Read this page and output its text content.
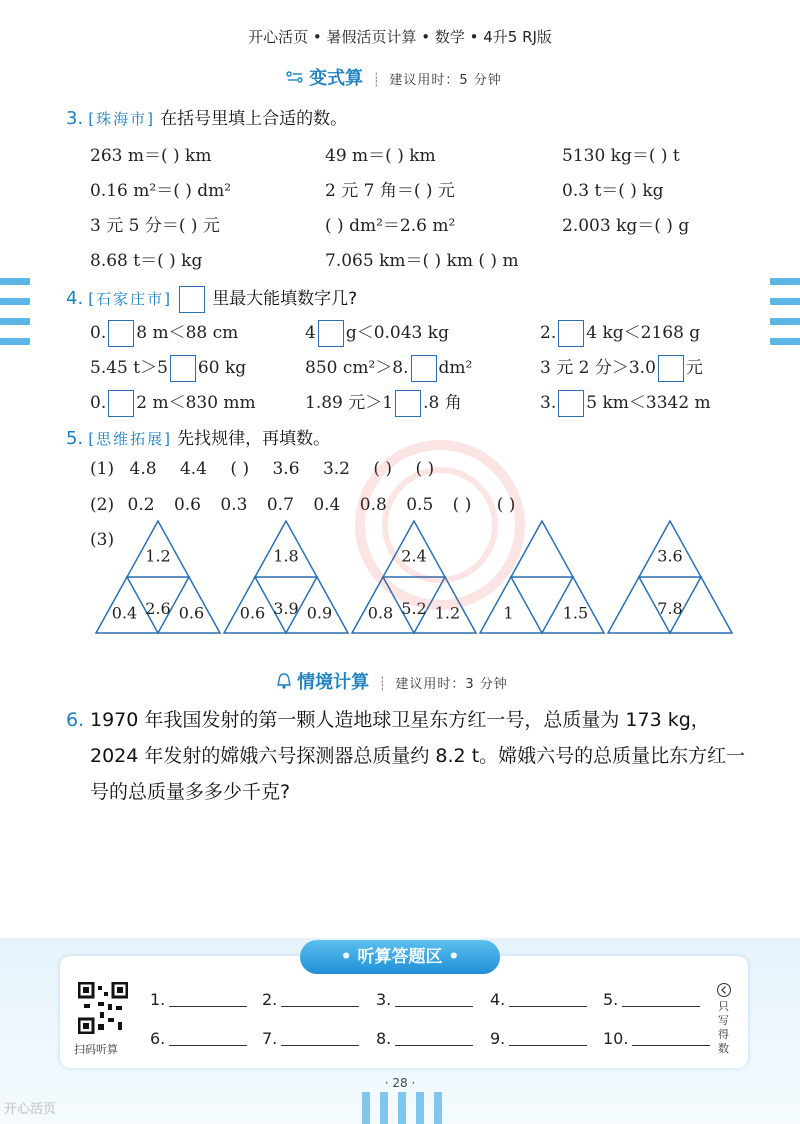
开心活页 • 暑假活页计算 • 数学 • 4升5 RJ版
变式算  ┊  建议用时：5 分钟
3. [珠海市] 在括号里填上合适的数。
263 m＝( ) km	49 m＝( ) km	5130 kg＝( ) t
0.16 m²＝( ) dm²	2 元 7 角＝( ) 元	0.3 t＝( ) kg
3 元 5 分＝( ) 元	( ) dm²＝2.6 m²	2.003 kg＝( ) g
8.68 t＝( ) kg	7.065 km＝( ) km ( ) m
4. [石家庄市] 里最大能填数字几?
0. 8 m＜88 cm	4 g＜0.043 kg	2. 4 kg＜2168 g
5.45 t＞5 60 kg	850 cm²＞8. dm²	3 元 2 分＞3.0 元
0. 2 m＜830 mm	1.89 元＞1 .8 角	3. 5 km＜3342 m
5. [思维拓展] 先找规律，再填数。
(1) 4.8 4.4 ( ) 3.6 3.2 ( ) ( )
(2) 0.2 0.6 0.3 0.7 0.4 0.8 0.5 ( ) ( )
(3)
1.2
2.6
0.4	0.6
1.8
3.9
0.6	0.9
2.4
5.2
0.8	1.2	1	1.5
3.6
7.8
情境计算  ┊  建议用时：3 分钟
6. 1970 年我国发射的第一颗人造地球卫星东方红一号，总质量为 173 kg，2024 年发射的嫦娥六号探测器总质量约 8.2 t。嫦娥六号的总质量比东方红一号的总质量多多少千克?
• 听算答题区 •
扫码听算
1.	2.	3.	4.	5.
6.	7.	8.	9.	10.
只写得数
· 28 ·
开心活页
